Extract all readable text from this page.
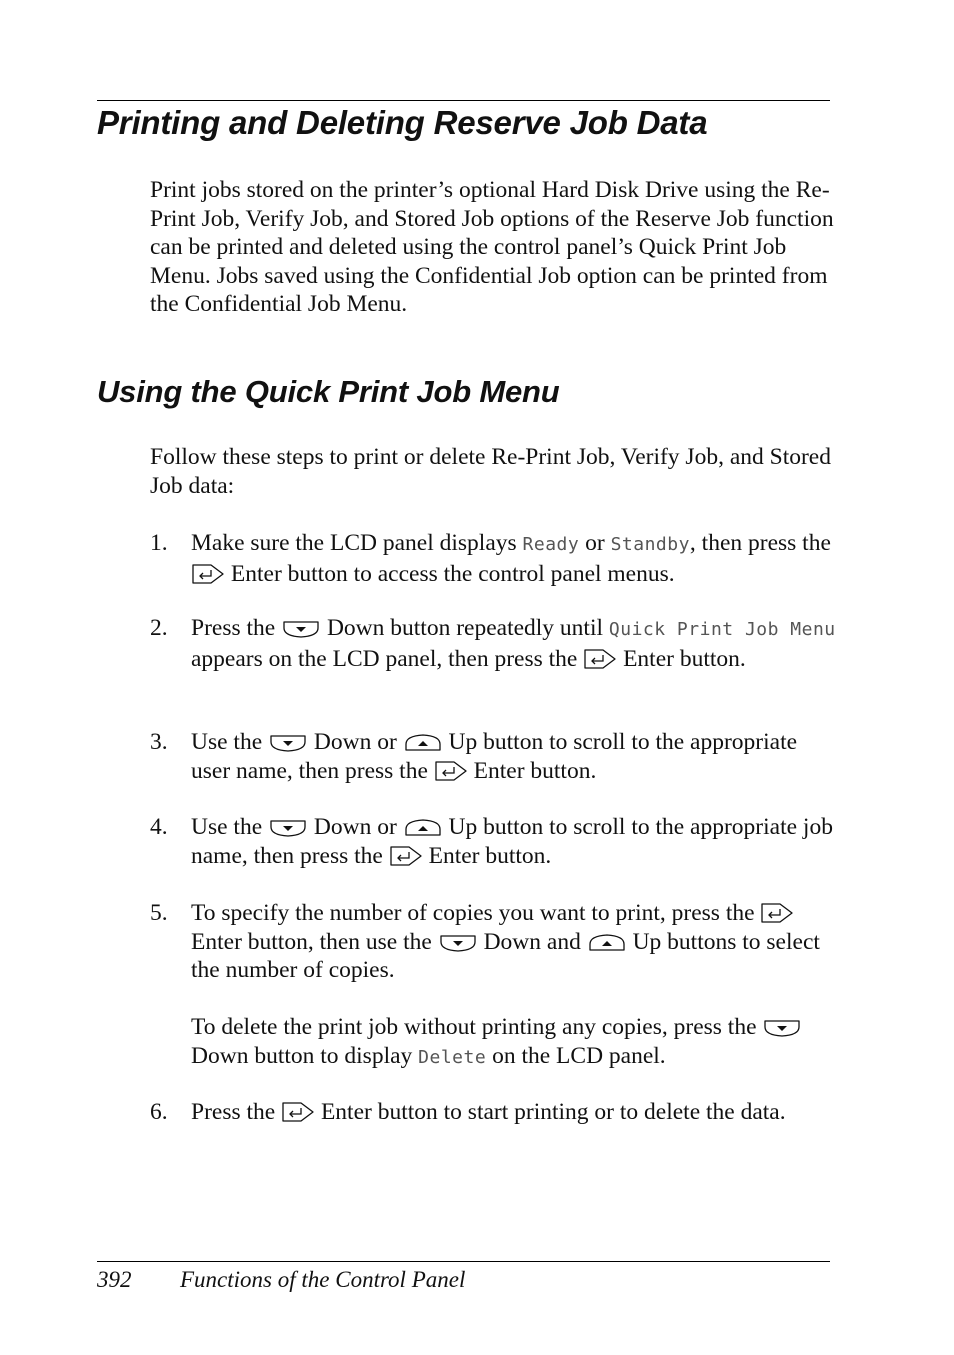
Printing and Deleting Reserve Job Data

Print jobs stored on the printer’s optional Hard Disk Drive using the Re-Print Job, Verify Job, and Stored Job options of the Reserve Job function can be printed and deleted using the control panel’s Quick Print Job Menu. Jobs saved using the Confidential Job option can be printed from the Confidential Job Menu.

Using the Quick Print Job Menu

Follow these steps to print or delete Re-Print Job, Verify Job, and Stored Job data:

1. Make sure the LCD panel displays Ready or Standby, then press the
Enter button to access the control panel menus.
2. Press the
Down button repeatedly until Quick Print Job Menu appears on the LCD panel, then press the
Enter button.
3. Use the
Down or
Up button to scroll to the appropriate user name, then press the
Enter button.
4. Use the
Down or
Up button to scroll to the appropriate job name, then press the
Enter button.
5. To specify the number of copies you want to print, press the
Enter button, then use the
Down and
Up buttons to select the number of copies.
To delete the print job without printing any copies, press the
Down button to display Delete on the LCD panel.
6. Press the
Enter button to start printing or to delete the data.
392 Functions of the Control Panel
